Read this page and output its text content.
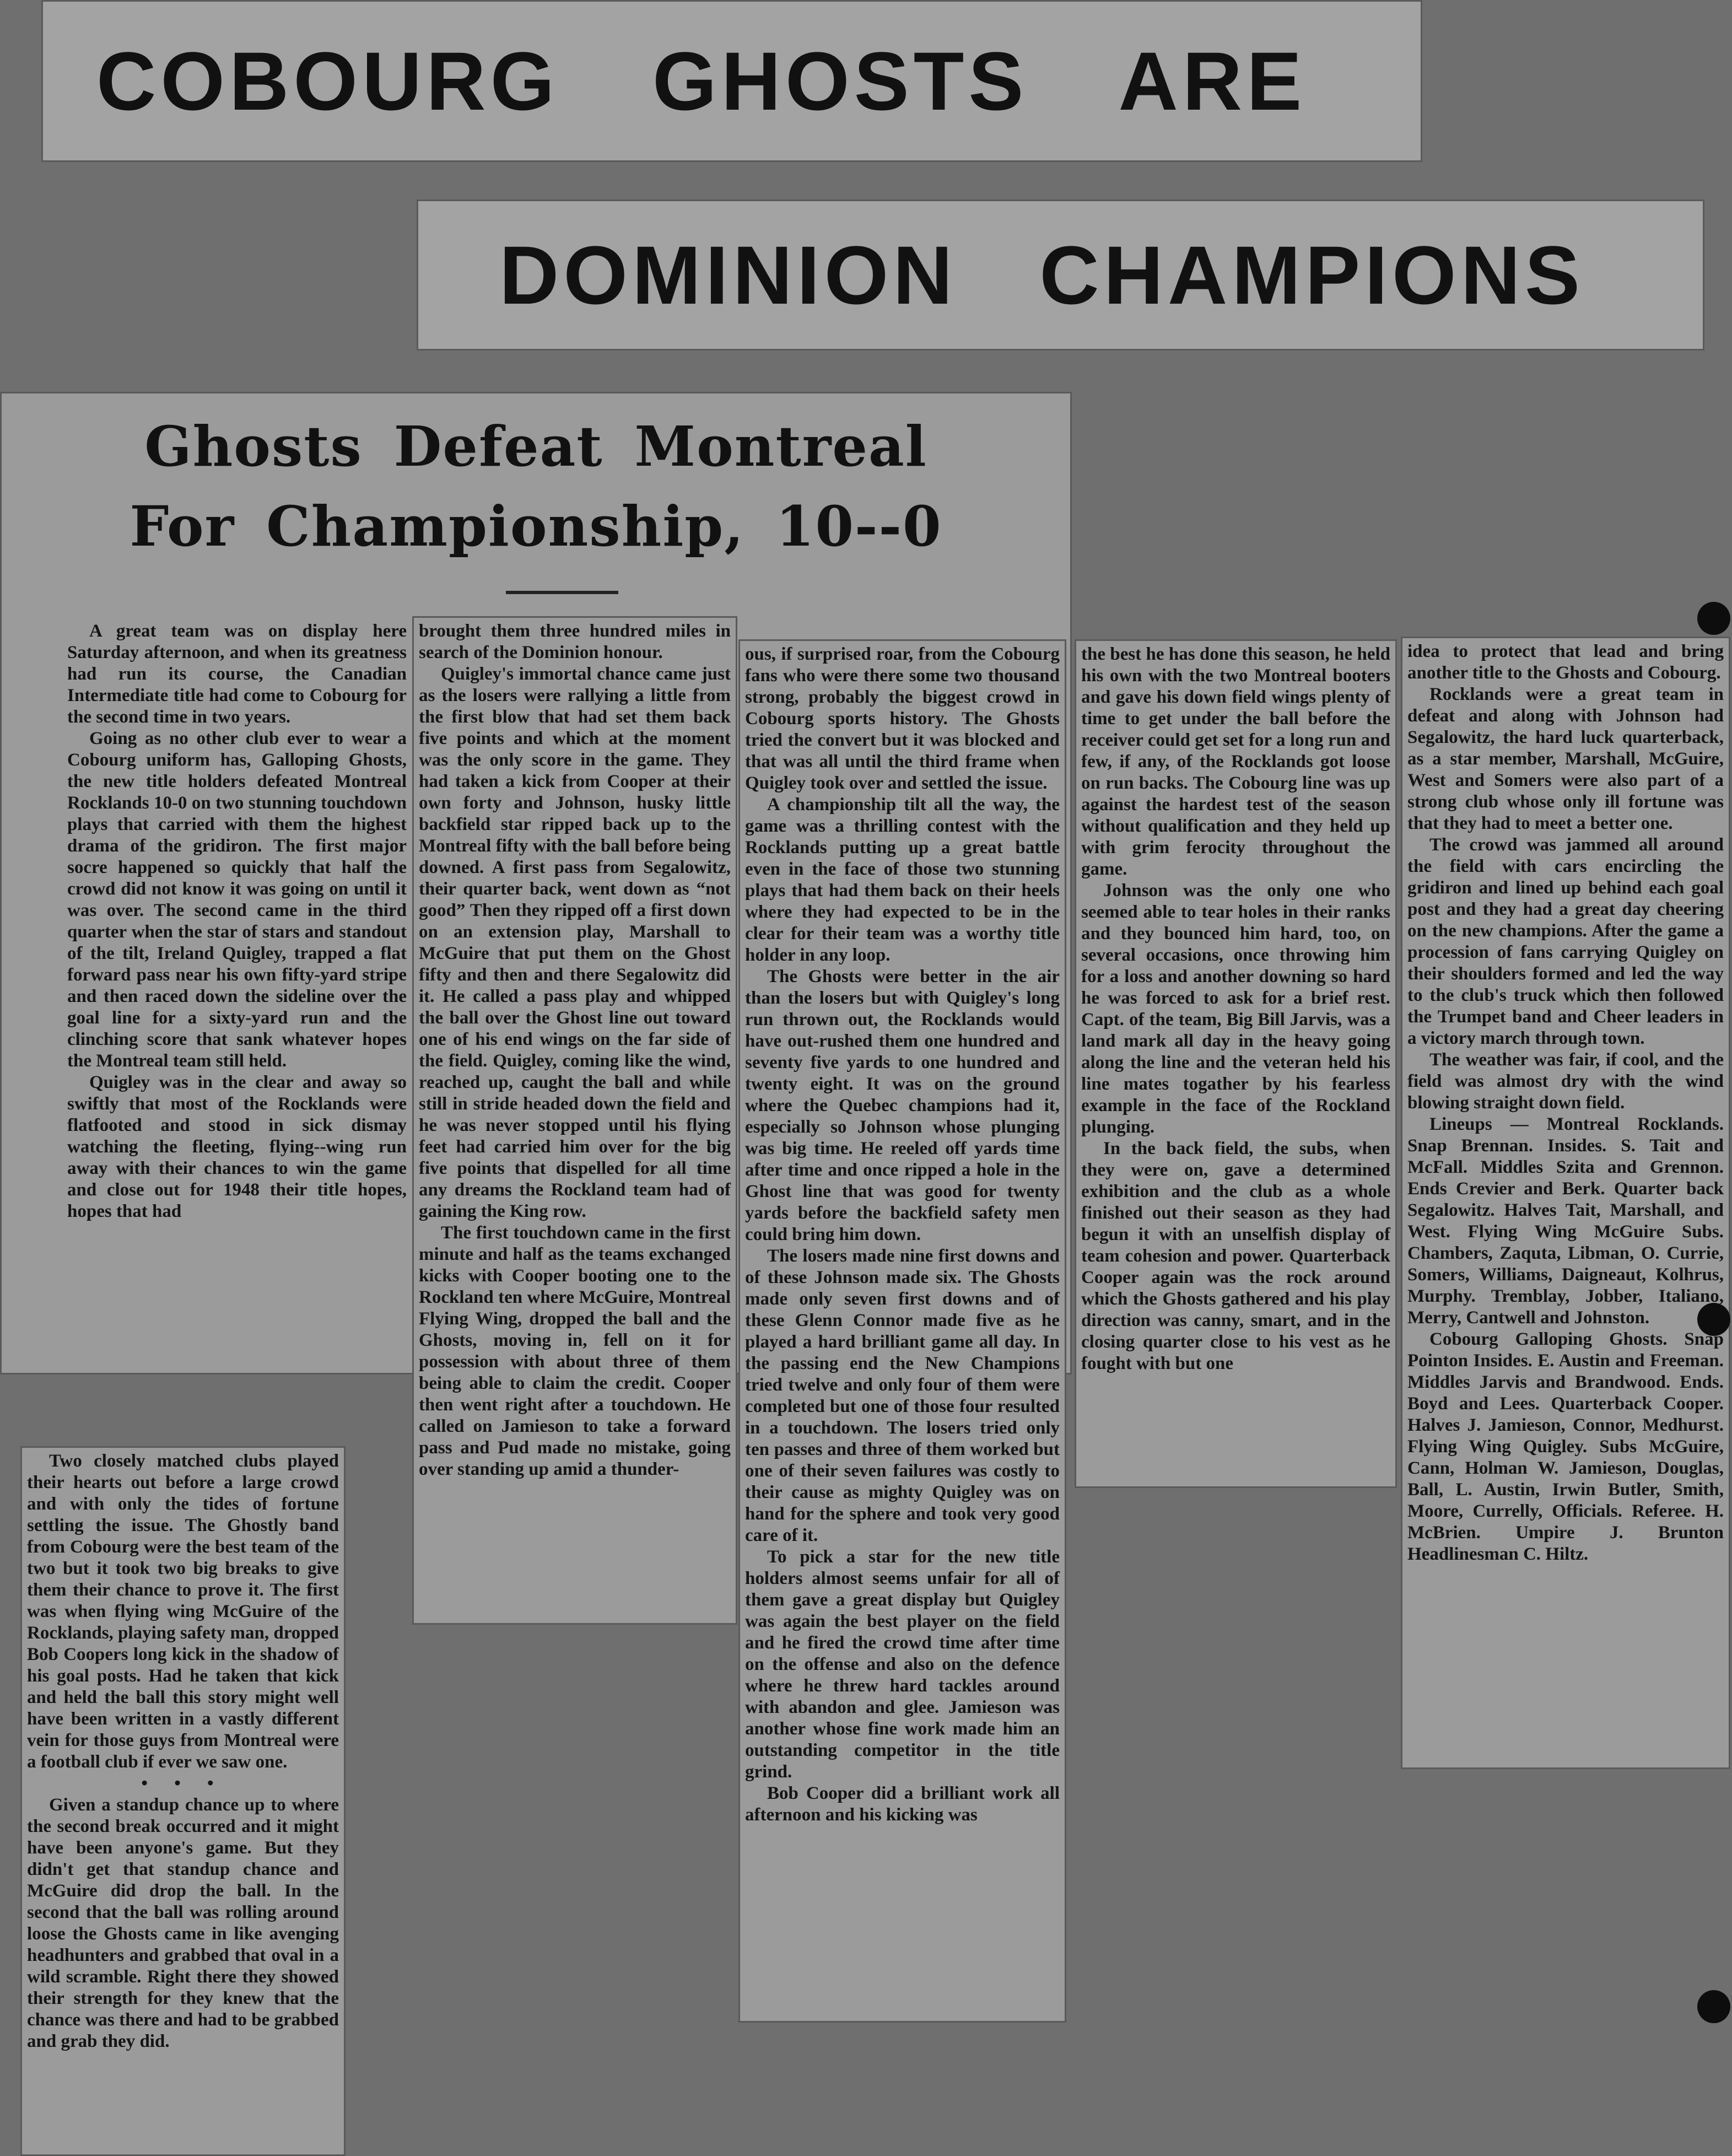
COBOURG GHOSTS ARE
DOMINION CHAMPIONS
Ghosts Defeat Montreal
For Championship, 10--0

A great team was on display here Saturday afternoon, and when its greatness had run its course, the Canadian Intermediate title had come to Cobourg for the second time in two years.

Going as no other club ever to wear a Cobourg uniform has, Galloping Ghosts, the new title holders defeated Montreal Rocklands 10-0 on two stunning touchdown plays that carried with them the highest drama of the gridiron. The first major socre happened so quickly that half the crowd did not know it was going on until it was over. The second came in the third quarter when the star of stars and standout of the tilt, Ireland Quigley, trapped a flat forward pass near his own fifty-yard stripe and then raced down the sideline over the goal line for a sixty-yard run and the clinching score that sank whatever hopes the Montreal team still held.

Quigley was in the clear and away so swiftly that most of the Rocklands were flatfooted and stood in sick dismay watching the fleeting, flying--wing run away with their chances to win the game and close out for 1948 their title hopes, hopes that had

brought them three hundred miles in search of the Dominion honour.

Quigley's immortal chance came just as the losers were rallying a little from the first blow that had set them back five points and which at the moment was the only score in the game. They had taken a kick from Cooper at their own forty and Johnson, husky little backfield star ripped back up to the Montreal fifty with the ball before being downed. A first pass from Segalowitz, their quarter back, went down as “not good” Then they ripped off a first down on an extension play, Marshall to McGuire that put them on the Ghost fifty and then and there Segalowitz did it. He called a pass play and whipped the ball over the Ghost line out toward one of his end wings on the far side of the field. Quigley, coming like the wind, reached up, caught the ball and while still in stride headed down the field and he was never stopped until his flying feet had carried him over for the big five points that dispelled for all time any dreams the Rockland team had of gaining the King row.

The first touchdown came in the first minute and half as the teams exchanged kicks with Cooper booting one to the Rockland ten where McGuire, Montreal Flying Wing, dropped the ball and the Ghosts, moving in, fell on it for possession with about three of them being able to claim the credit. Cooper then went right after a touchdown. He called on Jamieson to take a forward pass and Pud made no mistake, going over standing up amid a thunder-

ous, if surprised roar, from the Cobourg fans who were there some two thousand strong, probably the biggest crowd in Cobourg sports history. The Ghosts tried the convert but it was blocked and that was all until the third frame when Quigley took over and settled the issue.

A championship tilt all the way, the game was a thrilling contest with the Rocklands putting up a great battle even in the face of those two stunning plays that had them back on their heels where they had expected to be in the clear for their team was a worthy title holder in any loop.

The Ghosts were better in the air than the losers but with Quigley's long run thrown out, the Rocklands would have out-rushed them one hundred and seventy five yards to one hundred and twenty eight. It was on the ground where the Quebec champions had it, especially so Johnson whose plunging was big time. He reeled off yards time after time and once ripped a hole in the Ghost line that was good for twenty yards before the backfield safety men could bring him down.

The losers made nine first downs and of these Johnson made six. The Ghosts made only seven first downs and of these Glenn Connor made five as he played a hard brilliant game all day. In the passing end the New Champions tried twelve and only four of them were completed but one of those four resulted in a touchdown. The losers tried only ten passes and three of them worked but one of their seven failures was costly to their cause as mighty Quigley was on hand for the sphere and took very good care of it.

To pick a star for the new title holders almost seems unfair for all of them gave a great display but Quigley was again the best player on the field and he fired the crowd time after time on the offense and also on the defence where he threw hard tackles around with abandon and glee. Jamieson was another whose fine work made him an outstanding competitor in the title grind.

Bob Cooper did a brilliant work all afternoon and his kicking was

the best he has done this season, he held his own with the two Montreal booters and gave his down field wings plenty of time to get under the ball before the receiver could get set for a long run and few, if any, of the Rocklands got loose on run backs. The Cobourg line was up against the hardest test of the season without qualification and they held up with grim ferocity throughout the game.

Johnson was the only one who seemed able to tear holes in their ranks and they bounced him hard, too, on several occasions, once throwing him for a loss and another downing so hard he was forced to ask for a brief rest. Capt. of the team, Big Bill Jarvis, was a land mark all day in the heavy going along the line and the veteran held his line mates togather by his fearless example in the face of the Rockland plunging.

In the back field, the subs, when they were on, gave a determined exhibition and the club as a whole finished out their season as they had begun it with an unselfish display of team cohesion and power. Quarterback Cooper again was the rock around which the Ghosts gathered and his play direction was canny, smart, and in the closing quarter close to his vest as he fought with but one

idea to protect that lead and bring another title to the Ghosts and Cobourg.

Rocklands were a great team in defeat and along with Johnson had Segalowitz, the hard luck quarterback, as a star member, Marshall, McGuire, West and Somers were also part of a strong club whose only ill fortune was that they had to meet a better one.

The crowd was jammed all around the field with cars encircling the gridiron and lined up behind each goal post and they had a great day cheering on the new champions. After the game a procession of fans carrying Quigley on their shoulders formed and led the way to the club's truck which then followed the Trumpet band and Cheer leaders in a victory march through town.

The weather was fair, if cool, and the field was almost dry with the wind blowing straight down field.

Lineups — Montreal Rocklands. Snap Brennan. Insides. S. Tait and McFall. Middles Szita and Grennon. Ends Crevier and Berk. Quarter back Segalowitz. Halves Tait, Marshall, and West. Flying Wing McGuire Subs. Chambers, Zaquta, Libman, O. Currie, Somers, Williams, Daigneaut, Kolhrus, Murphy. Tremblay, Jobber, Italiano, Merry, Cantwell and Johnston.

Cobourg Galloping Ghosts. Snap Pointon Insides. E. Austin and Freeman. Middles Jarvis and Brandwood. Ends. Boyd and Lees. Quarterback Cooper. Halves J. Jamieson, Connor, Medhurst. Flying Wing Quigley. Subs McGuire, Cann, Holman W. Jamieson, Douglas, Ball, L. Austin, Irwin Butler, Smith, Moore, Currelly, Officials. Referee. H. McBrien. Umpire J. Brunton Headlinesman C. Hiltz.

Two closely matched clubs played their hearts out before a large crowd and with only the tides of fortune settling the issue. The Ghostly band from Cobourg were the best team of the two but it took two big breaks to give them their chance to prove it. The first was when flying wing McGuire of the Rocklands, playing safety man, dropped Bob Coopers long kick in the shadow of his goal posts. Had he taken that kick and held the ball this story might well have been written in a vastly different vein for those guys from Montreal were a football club if ever we saw one.

• • •

Given a standup chance up to where the second break occurred and it might have been anyone's game. But they didn't get that standup chance and McGuire did drop the ball. In the second that the ball was rolling around loose the Ghosts came in like avenging headhunters and grabbed that oval in a wild scramble. Right there they showed their strength for they knew that the chance was there and had to be grabbed and grab they did.
